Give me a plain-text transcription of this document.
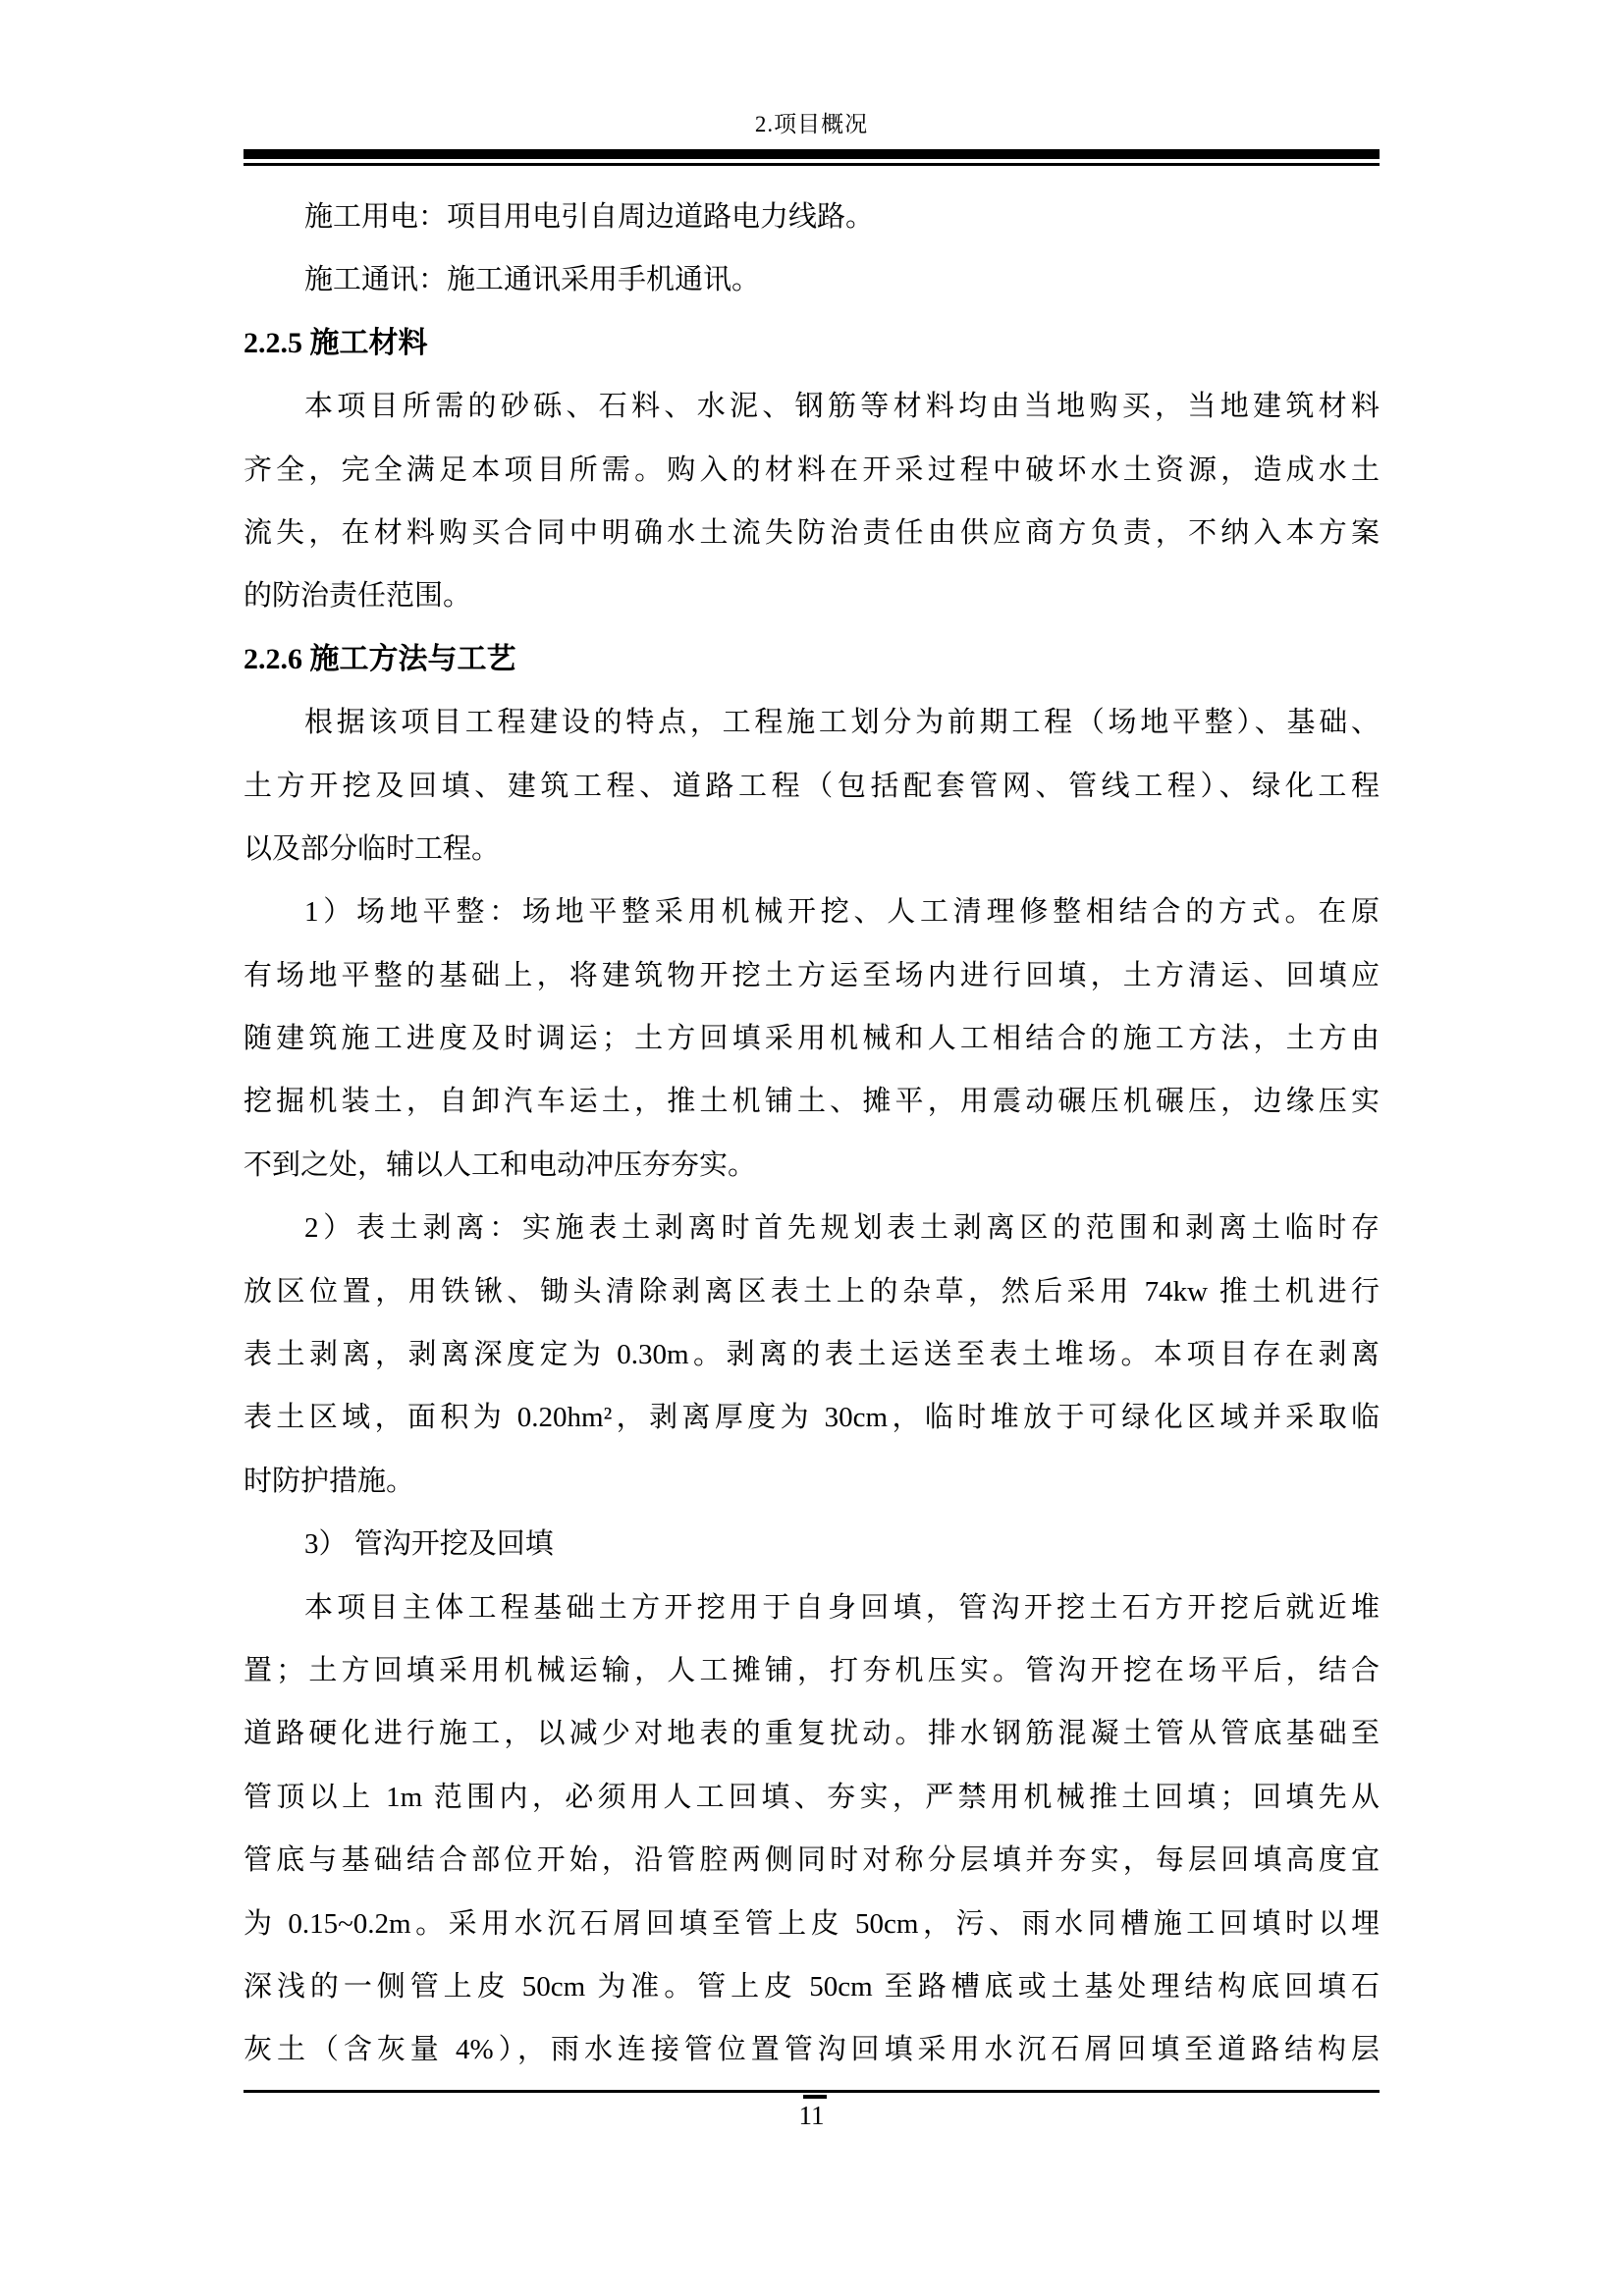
2.项目概况
施工用电：项目用电引自周边道路电力线路。
施工通讯：施工通讯采用手机通讯。
2.2.5 施工材料
本项目所需的砂砾、石料、水泥、钢筋等材料均由当地购买，当地建筑材料
齐全，完全满足本项目所需。购入的材料在开采过程中破坏水土资源，造成水土
流失，在材料购买合同中明确水土流失防治责任由供应商方负责，不纳入本方案
的防治责任范围。
2.2.6 施工方法与工艺
根据该项目工程建设的特点，工程施工划分为前期工程（场地平整）、基础、
土方开挖及回填、建筑工程、道路工程（包括配套管网、管线工程）、绿化工程
以及部分临时工程。
1）场地平整：场地平整采用机械开挖、人工清理修整相结合的方式。在原
有场地平整的基础上，将建筑物开挖土方运至场内进行回填，土方清运、回填应
随建筑施工进度及时调运；土方回填采用机械和人工相结合的施工方法，土方由
挖掘机装土，自卸汽车运土，推土机铺土、摊平，用震动碾压机碾压，边缘压实
不到之处，辅以人工和电动冲压夯夯实。
2）表土剥离：实施表土剥离时首先规划表土剥离区的范围和剥离土临时存
放区位置，用铁锹、锄头清除剥离区表土上的杂草，然后采用 74kw 推土机进行
表土剥离，剥离深度定为 0.30m。剥离的表土运送至表土堆场。本项目存在剥离
表土区域，面积为 0.20hm²，剥离厚度为 30cm，临时堆放于可绿化区域并采取临
时防护措施。
3） 管沟开挖及回填
本项目主体工程基础土方开挖用于自身回填，管沟开挖土石方开挖后就近堆
置；土方回填采用机械运输，人工摊铺，打夯机压实。管沟开挖在场平后，结合
道路硬化进行施工，以减少对地表的重复扰动。排水钢筋混凝土管从管底基础至
管顶以上 1m 范围内，必须用人工回填、夯实，严禁用机械推土回填；回填先从
管底与基础结合部位开始，沿管腔两侧同时对称分层填并夯实，每层回填高度宜
为 0.15~0.2m。采用水沉石屑回填至管上皮 50cm，污、雨水同槽施工回填时以埋
深浅的一侧管上皮 50cm 为准。管上皮 50cm 至路槽底或土基处理结构底回填石
灰土（含灰量 4%），雨水连接管位置管沟回填采用水沉石屑回填至道路结构层
11
